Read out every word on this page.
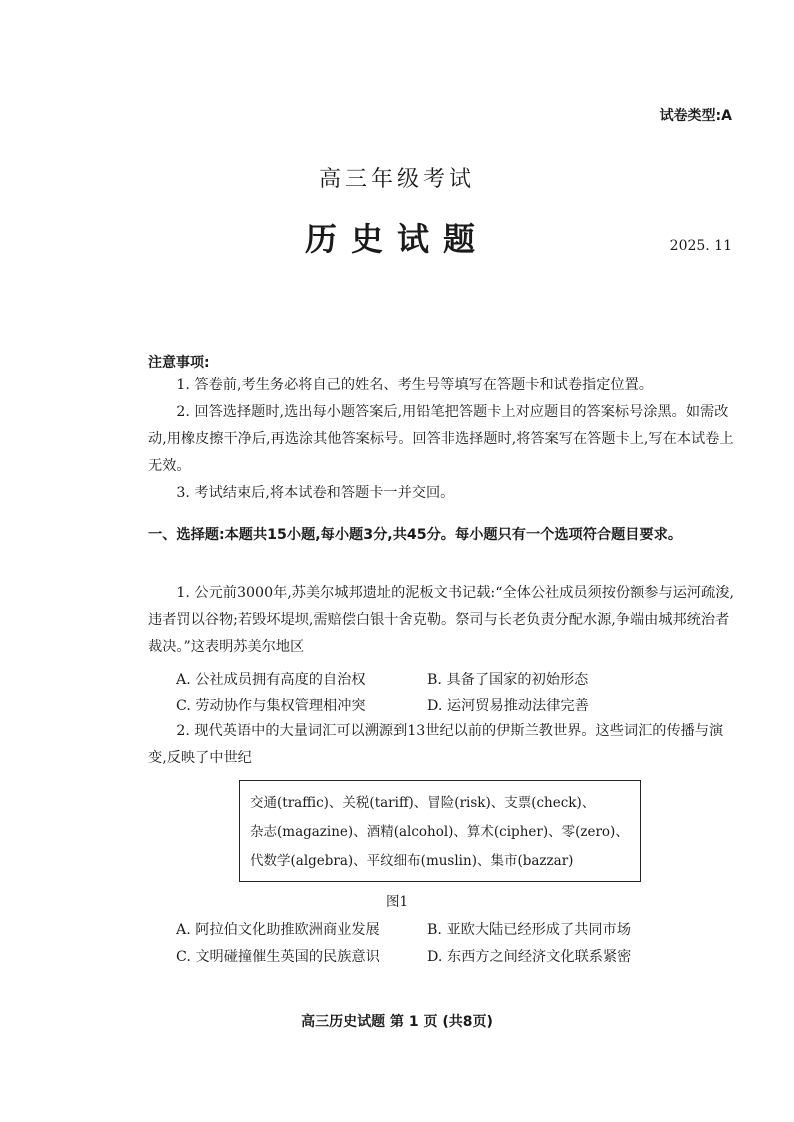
试卷类型:A
高三年级考试
历史试题	2025. 11
注意事项:

1. 答卷前,考生务必将自己的姓名、考生号等填写在答题卡和试卷指定位置。

2. 回答选择题时,选出每小题答案后,用铅笔把答题卡上对应题目的答案标号涂黑。如需改动,用橡皮擦干净后,再选涂其他答案标号。回答非选择题时,将答案写在答题卡上,写在本试卷上无效。

3. 考试结束后,将本试卷和答题卡一并交回。

一、选择题:本题共15小题,每小题3分,共45分。每小题只有一个选项符合题目要求。

1. 公元前3000年,苏美尔城邦遗址的泥板文书记载:“全体公社成员须按份额参与运河疏浚,违者罚以谷物;若毁坏堤坝,需赔偿白银十舍克勒。祭司与长老负责分配水源,争端由城邦统治者裁决。”这表明苏美尔地区

A. 公社成员拥有高度的自治权	B. 具备了国家的初始形态
C. 劳动协作与集权管理相冲突	D. 运河贸易推动法律完善

2. 现代英语中的大量词汇可以溯源到13世纪以前的伊斯兰教世界。这些词汇的传播与演变,反映了中世纪

交通(traffic)、关税(tariff)、冒险(risk)、支票(check)、
杂志(magazine)、酒精(alcohol)、算术(cipher)、零(zero)、
代数学(algebra)、平纹细布(muslin)、集市(bazzar)
图1
A. 阿拉伯文化助推欧洲商业发展	B. 亚欧大陆已经形成了共同市场
C. 文明碰撞催生英国的民族意识	D. 东西方之间经济文化联系紧密
高三历史试题 第 1 页 (共8页)
